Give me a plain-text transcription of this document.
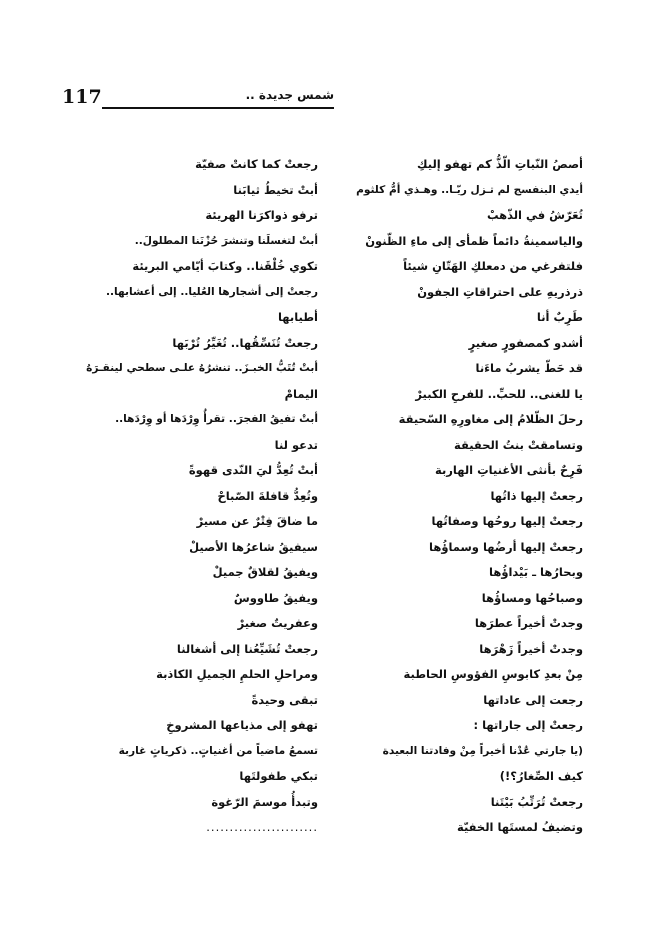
117	شمس جديدة ..
أصصُ النّباتِ الّذُّ كم تهفو إليكِ
أيدي البنفسج لم تـزل ريّـا.. وهـذي أمُّ كلثوم
تُعَرّشُ في الذّهبْ
والياسمينةُ دائماً ظمأى إلى ماءِ الظّنونْ
فلتفرغي من دمعلكِ الهَتّانِ شيئاً
ذرذريهِ على احتراقاتِ الجفونْ
طَرِبٌ أنا
أشدو كمصفورٍ صغيرٍ
قد حَطّ يشربُ ماءَنا
يا للغنى.. للحبِّ.. للفرحِ الكبيرْ
رحلَ الظّلامُ إلى مغاورِهِ السّحيقة
وتسامقتْ بنتُ الحقيقة
فَرِحٌ بأنثى الأغنياتِ الهاربة
رجعتْ إليها ذاتُها
رجعتْ إليها روحُها وصفاتُها
رجعتْ إليها أرضُها وسماؤُها
وبحارُها ـ بَيْداؤُها
وصباحُها ومساؤُها
وجدتْ أخيراً عطرَها
وجدتْ أخيراً زَهْرَها
مِنْ بعدِ كابوسِ الفؤوسِ الحاطبة
رجعت إلى عاداتها
رجعتْ إلى جاراتها :
(يا جارتي عُدْنا أخيراً مِنْ وفادتنا البعيدة
كيف الصِّغارُ؟!)
رجعتْ تُرَتِّبُ بَيْتَنا
وتضيفُ لمستَها الخفيّة
رجعتْ كما كانتْ صفيّة
أبتْ تخيطُ ثيابَنا
ترفو ذواكرَنا الهريئة
أبتْ لتغسلَنا وتنشرَ حُزْنَنا المطلولَ..
تكوي خُلْقَنا.. وكتابَ أيّامي البريئة
رجعتْ إلى أشجارها العُليا.. إلى أعشابها..
أطيابها
رجعتْ تُنَسِّقُها.. تُغَيِّرُ تُرْبَها
أبتْ تُتَبُّ الخبـزَ.. تنشرُهُ علـى سطحي لينقـرَهُ
اليمامْ
أبتْ تفيقُ الفجرَ.. تقرأُ وِرْدَها أو وِرْدَها..
تدعو لنا
أبتْ تُعِدُّ ليَ النّدى قهوةً
وتُعِدُّ قافلةَ الصّباحْ
ما ضاقَ فِتْرٌ عن مسيرْ
سيفيقُ شاعرُها الأصيلْ
ويفيقُ لقلاقٌ جميلْ
ويفيقُ طاووسٌ
وعفريتٌ صغيرْ
رجعتْ تُشَيِّعُنا إلى أشغالنا
ومراحلِ الحلمِ الجميلِ الكاذبة
تبقى وحيدةً
تهفو إلى مذياعها المشروخِ
تسمعُ ماضياً من أغنياتٍ.. ذكرياتٍ غاربة
تبكي طفولتَها
وتبدأُ موسمَ الرّغوة
........................
